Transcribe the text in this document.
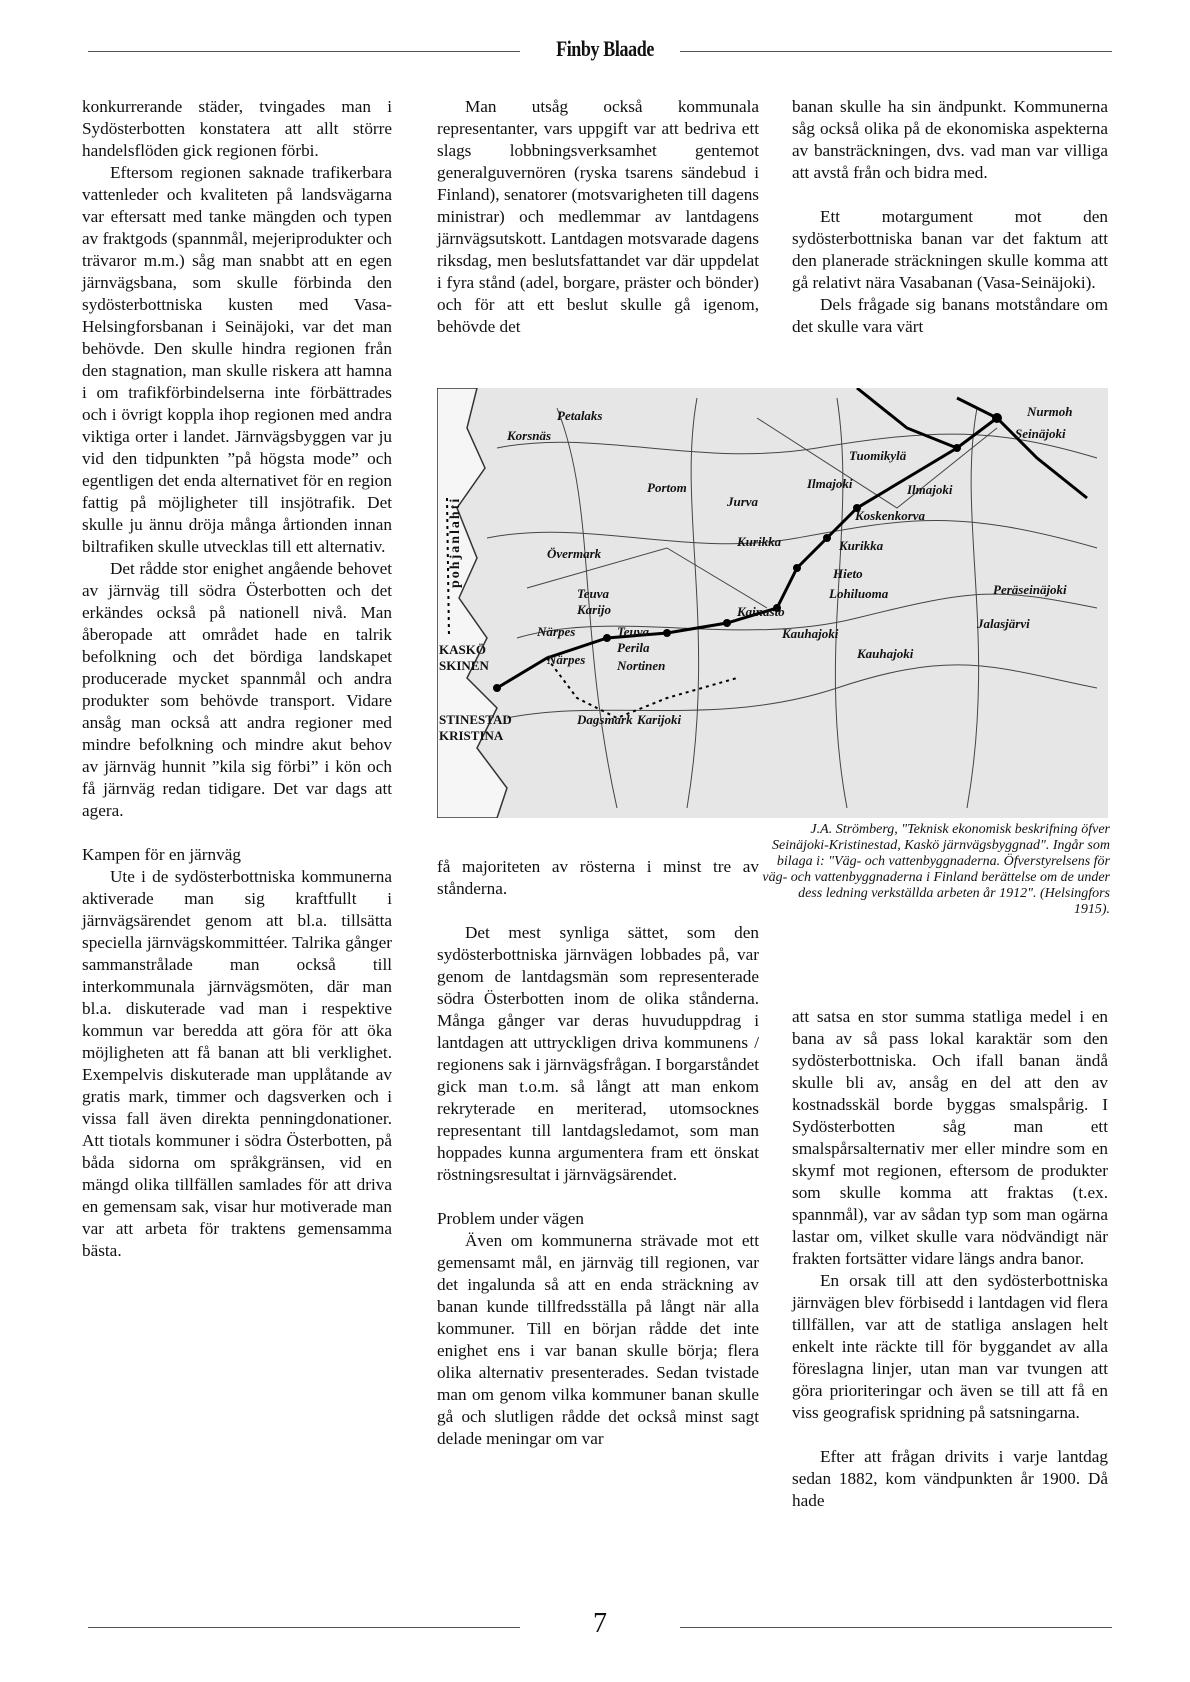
Finby Blaade

konkurrerande städer, tvingades man i Sydösterbotten konstatera att allt större handelsflöden gick regionen förbi.

Eftersom regionen saknade trafikerbara vattenleder och kvaliteten på landsvägarna var eftersatt med tanke mängden och typen av fraktgods (spannmål, mejeriprodukter och trävaror m.m.) såg man snabbt att en egen järnvägsbana, som skulle förbinda den sydösterbottniska kusten med Vasa-Helsingforsbanan i Seinäjoki, var det man behövde. Den skulle hindra regionen från den stagnation, man skulle riskera att hamna i om trafikförbindelserna inte förbättrades och i övrigt koppla ihop regionen med andra viktiga orter i landet. Järnvägsbyggen var ju vid den tidpunkten ”på högsta mode” och egentligen det enda alternativet för en region fattig på möjligheter till insjötrafik. Det skulle ju ännu dröja många årtionden innan biltrafiken skulle utvecklas till ett alternativ.

Det rådde stor enighet angående behovet av järnväg till södra Österbotten och det erkändes också på nationell nivå. Man åberopade att området hade en talrik befolkning och det bördiga landskapet producerade mycket spannmål och andra produkter som behövde transport. Vidare ansåg man också att andra regioner med mindre befolkning och mindre akut behov av järnväg hunnit ”kila sig förbi” i kön och få järnväg redan tidigare. Det var dags att agera.

Kampen för en järnväg

Ute i de sydösterbottniska kommunerna aktiverade man sig kraftfullt i järnvägsärendet genom att bl.a. tillsätta speciella järnvägskommittéer. Talrika gånger sammanstrålade man också till interkommunala järnvägsmöten, där man bl.a. diskuterade vad man i respektive kommun var beredda att göra för att öka möjligheten att få banan att bli verklighet. Exempelvis diskuterade man upplåtande av gratis mark, timmer och dagsverken och i vissa fall även direkta penningdonationer. Att tiotals kommuner i södra Österbotten, på båda sidorna om språkgränsen, vid en mängd olika tillfällen samlades för att driva en gemensam sak, visar hur motiverade man var att arbeta för traktens gemensamma bästa.

Man utsåg också kommunala representanter, vars uppgift var att bedriva ett slags lobbningsverksamhet gentemot generalguvernören (ryska tsarens sändebud i Finland), senatorer (motsvarigheten till dagens ministrar) och medlemmar av lantdagens järnvägsutskott. Lantdagen motsvarade dagens riksdag, men beslutsfattandet var där uppdelat i fyra stånd (adel, borgare, präster och bönder) och för att ett beslut skulle gå igenom, behövde det

banan skulle ha sin ändpunkt. Kommunerna såg också olika på de ekonomiska aspekterna av bansträckningen, dvs. vad man var villiga att avstå från och bidra med.

Ett motargument mot den sydösterbottniska banan var det faktum att den planerade sträckningen skulle komma att gå relativt nära Vasabanan (Vasa-Seinäjoki).

Dels frågade sig banans motståndare om det skulle vara värt

Korsnäs
Petalaks
Portom
Övermark
Jurva
Kurikka	Kurikka
Tuomikylä
Nurmoh
Seinäjoki
Ilmajoki
Koskenkorva
Ilmajoki
Hieto
Lohiluoma	Peräseinäjoki
Teuva
Karijo
Närpes	Teuva
Perila
Närpes
Kainasto
Kauhajoki
Kauhajoki
Nortinen
Jalasjärvi
KASKÖ
SKINEN
Dagsmark Karijoki
STINESTAD
KRISTINA
pohjanlahti
J.A. Strömberg, "Teknisk ekonomisk beskrifning öfver Seinäjoki-Kristinestad, Kaskö järnvägsbyggnad". Ingår som bilaga i: "Väg- och vattenbyggnaderna. Öfverstyrelsens för väg- och vattenbyggnaderna i Finland berättelse om de under dess ledning verkställda arbeten år 1912". (Helsingfors 1915).

få majoriteten av rösterna i minst tre av stånderna.

Det mest synliga sättet, som den sydösterbottniska järnvägen lobbades på, var genom de lantdagsmän som representerade södra Österbotten inom de olika stånderna. Många gånger var deras huvuduppdrag i lantdagen att uttryckligen driva kommunens / regionens sak i järnvägsfrågan. I borgarståndet gick man t.o.m. så långt att man enkom rekryterade en meriterad, utomsocknes representant till lantdagsledamot, som man hoppades kunna argumentera fram ett önskat röstningsresultat i järnvägsärendet.

Problem under vägen

Även om kommunerna strävade mot ett gemensamt mål, en järnväg till regionen, var det ingalunda så att en enda sträckning av banan kunde tillfredsställa på långt när alla kommuner. Till en början rådde det inte enighet ens i var banan skulle börja; flera olika alternativ presenterades. Sedan tvistade man om genom vilka kommuner banan skulle gå och slutligen rådde det också minst sagt delade meningar om var

att satsa en stor summa statliga medel i en bana av så pass lokal karaktär som den sydösterbottniska. Och ifall banan ändå skulle bli av, ansåg en del att den av kostnadsskäl borde byggas smalspårig. I Sydösterbotten såg man ett smalspårsalternativ mer eller mindre som en skymf mot regionen, eftersom de produkter som skulle komma att fraktas (t.ex. spannmål), var av sådan typ som man ogärna lastar om, vilket skulle vara nödvändigt när frakten fortsätter vidare längs andra banor.

En orsak till att den sydösterbottniska järnvägen blev förbisedd i lantdagen vid flera tillfällen, var att de statliga anslagen helt enkelt inte räckte till för byggandet av alla föreslagna linjer, utan man var tvungen att göra prioriteringar och även se till att få en viss geografisk spridning på satsningarna.

Efter att frågan drivits i varje lantdag sedan 1882, kom vändpunkten år 1900. Då hade

7
